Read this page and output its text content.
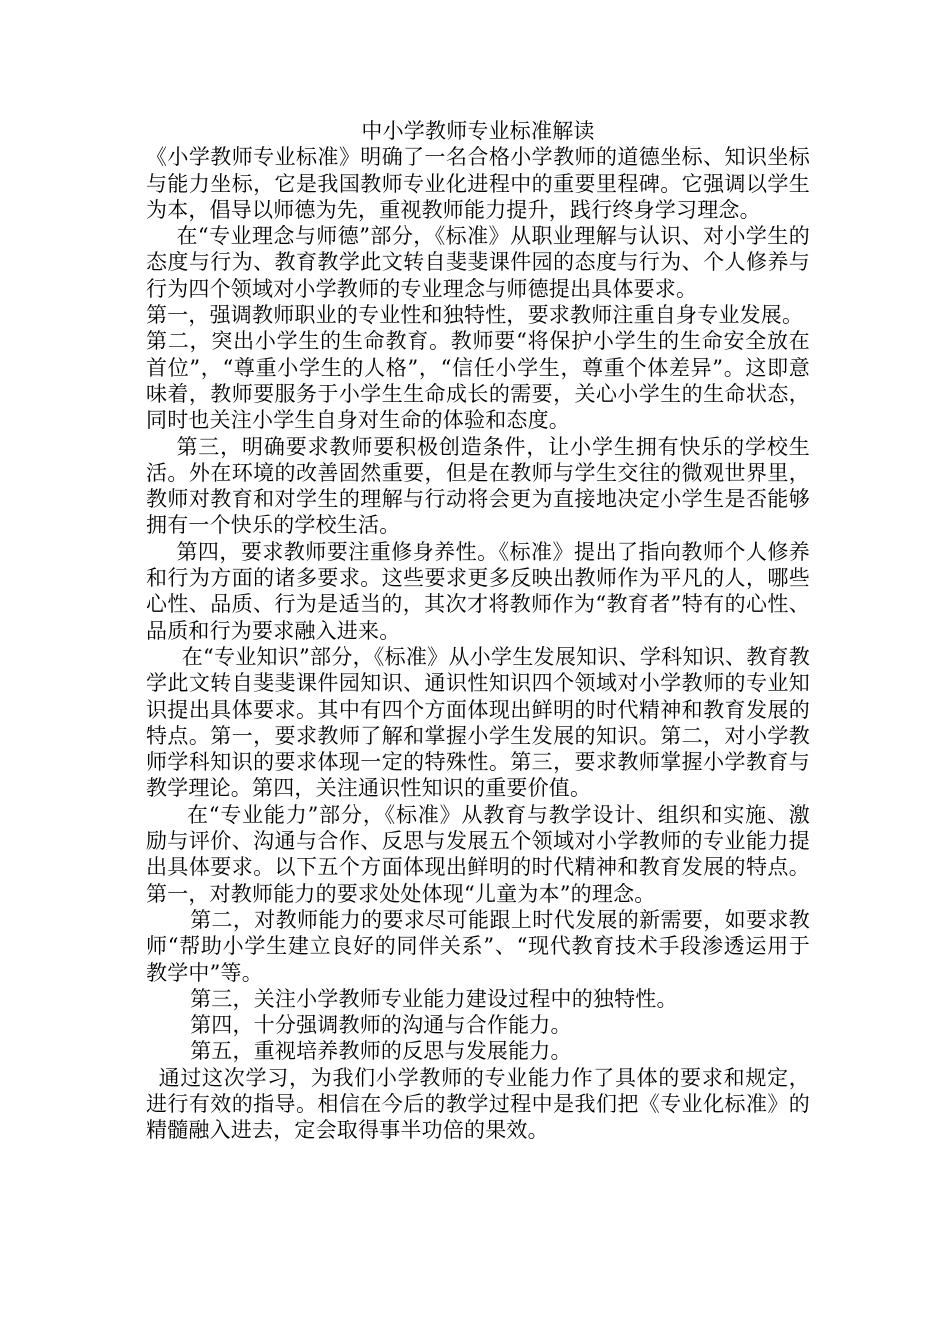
中小学教师专业标准解读

《小学教师专业标准》明确了一名合格小学教师的道德坐标、知识坐标与能力坐标，它是我国教师专业化进程中的重要里程碑。它强调以学生为本，倡导以师德为先，重视教师能力提升，践行终身学习理念。

在“专业理念与师德”部分，《标准》从职业理解与认识、对小学生的态度与行为、教育教学此文转自斐斐课件园的态度与行为、个人修养与行为四个领域对小学教师的专业理念与师德提出具体要求。

第一，强调教师职业的专业性和独特性，要求教师注重自身专业发展。

第二，突出小学生的生命教育。教师要“将保护小学生的生命安全放在首位”，“尊重小学生的人格”，“信任小学生，尊重个体差异”。这即意味着，教师要服务于小学生生命成长的需要，关心小学生的生命状态，同时也关注小学生自身对生命的体验和态度。

第三，明确要求教师要积极创造条件，让小学生拥有快乐的学校生活。外在环境的改善固然重要，但是在教师与学生交往的微观世界里，教师对教育和对学生的理解与行动将会更为直接地决定小学生是否能够拥有一个快乐的学校生活。

第四，要求教师要注重修身养性。《标准》提出了指向教师个人修养和行为方面的诸多要求。这些要求更多反映出教师作为平凡的人，哪些心性、品质、行为是适当的，其次才将教师作为“教育者”特有的心性、品质和行为要求融入进来。

在“专业知识”部分，《标准》从小学生发展知识、学科知识、教育教学此文转自斐斐课件园知识、通识性知识四个领域对小学教师的专业知识提出具体要求。其中有四个方面体现出鲜明的时代精神和教育发展的特点。第一，要求教师了解和掌握小学生发展的知识。第二，对小学教师学科知识的要求体现一定的特殊性。第三，要求教师掌握小学教育与教学理论。第四，关注通识性知识的重要价值。

在“专业能力”部分，《标准》从教育与教学设计、组织和实施、激励与评价、沟通与合作、反思与发展五个领域对小学教师的专业能力提出具体要求。以下五个方面体现出鲜明的时代精神和教育发展的特点。第一，对教师能力的要求处处体现“儿童为本”的理念。

第二，对教师能力的要求尽可能跟上时代发展的新需要，如要求教师“帮助小学生建立良好的同伴关系”、“现代教育技术手段渗透运用于教学中”等。

第三，关注小学教师专业能力建设过程中的独特性。

第四，十分强调教师的沟通与合作能力。

第五，重视培养教师的反思与发展能力。

通过这次学习，为我们小学教师的专业能力作了具体的要求和规定，进行有效的指导。相信在今后的教学过程中是我们把《专业化标准》的精髓融入进去，定会取得事半功倍的果效。
